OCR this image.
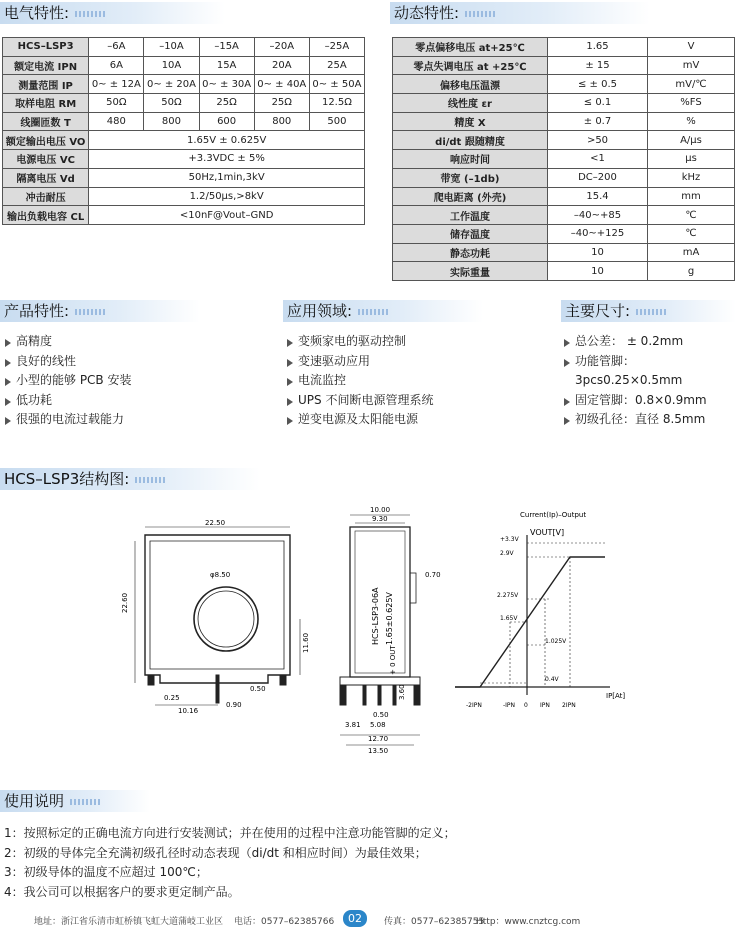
电气特性:	动态特性:
HCS–LSP3	–6A	–10A	–15A	–20A	–25A
额定电流 IPN	6A	10A	15A	20A	25A
测量范围 IP	0~ ± 12A	0~ ± 20A	0~ ± 30A	0~ ± 40A	0~ ± 50A
取样电阻 RM	50Ω	50Ω	25Ω	25Ω	12.5Ω
线圈匝数 T	480	800	600	800	500
额定输出电压 VO	1.65V ± 0.625V				
电源电压 VC	+3.3VDC ± 5%				
隔离电压 Vd	50Hz,1min,3kV				
冲击耐压	1.2/50μs,>8kV				
输出负载电容 CL	<10nF@Vout–GND				
零点偏移电压 at+25℃	1.65	V
零点失调电压 at +25℃	± 15	mV
偏移电压温漂	≤ ± 0.5	mV/℃
线性度 εr	≤ 0.1	%FS
精度 X	± 0.7	%
di/dt 跟随精度	>50	A/μs
响应时间	<1	μs
带宽 (–1db)	DC–200	kHz
爬电距离 (外壳)	15.4	mm
工作温度	–40~+85	℃
储存温度	–40~+125	℃
静态功耗	10	mA
实际重量	10	g
产品特性:	应用领域:	主要尺寸:
高精度
良好的线性
小型的能够 PCB 安装
低功耗
很强的电流过载能力
变频家电的驱动控制
变速驱动应用
电流监控
UPS 不间断电源管理系统
逆变电源及太阳能电源
总公差： ± 0.2mm
功能管脚：3pcs0.25×0.5mm
固定管脚：0.8×0.9mm
初级孔径：直径 8.5mm
HCS–LSP3结构图:
22.50
22.60
φ8.50
11.60
0.25
10.16
0.90
0.50
10.00
9.30
0.70
HCS-LSP3-06A 1.65±0.625V
+ 0 OUT
0.50
3.81 5.08
12.70
13.50
3.60
Current(Ip)–Output
VOUT[V]
IP[At]
+3.3V
2.9V
2.275V
1.65V
1.025V
0.4V
-2IPN	-IPN 0 IPN 2IPN
使用说明
1：按照标定的正确电流方向进行安装测试；并在使用的过程中注意功能管脚的定义；
2：初级的导体完全充满初级孔径时动态表现（di/dt 和相应时间）为最佳效果；
3：初级导体的温度不应超过 100℃；
4：我公司可以根据客户的要求更定制产品。
地址：浙江省乐清市虹桥镇飞虹大道蒲岐工业区 电话：0577–62385766	传真：0577–62385755
Http：www.cnztcg.com
02
